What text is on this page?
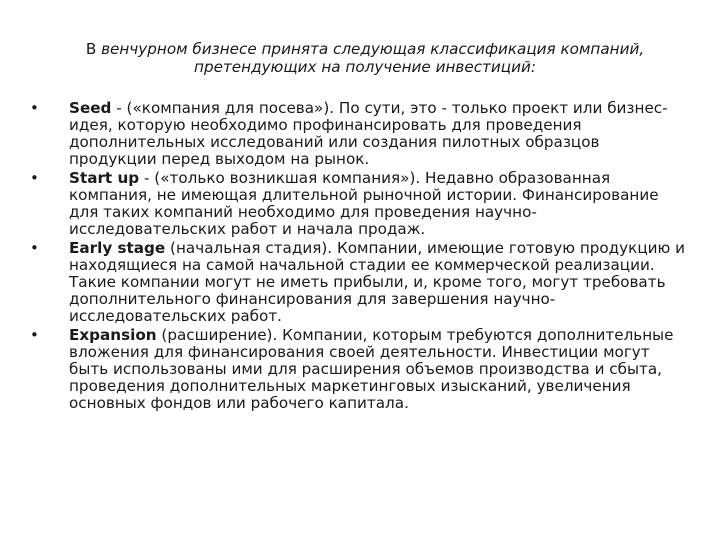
В венчурном бизнесе принята следующая классификация компаний, претендующих на получение инвестиций:
•	Seed - («компания для посева»). По сути, это - только проект или бизнес-идея, которую необходимо профинансировать для проведения дополнительных исследований или создания пилотных образцов продукции перед выходом на рынок.
•	Start up - («только возникшая компания»). Недавно образованная компания, не имеющая длительной рыночной истории. Финансирование для таких компаний необходимо для проведения научно-исследовательских работ и начала продаж.
•	Early stage (начальная стадия). Компании, имеющие готовую продукцию и находящиеся на самой начальной стадии ее коммерческой реализации. Такие компании могут не иметь прибыли, и, кроме того, могут требовать дополнительного финансирования для завершения научно-исследовательских работ.
•	Expansion (расширение). Компании, которым требуются дополнительные вложения для финансирования своей деятельности. Инвестиции могут быть использованы ими для расширения объемов производства и сбыта, проведения дополнительных маркетинговых изысканий, увеличения основных фондов или рабочего капитала.
